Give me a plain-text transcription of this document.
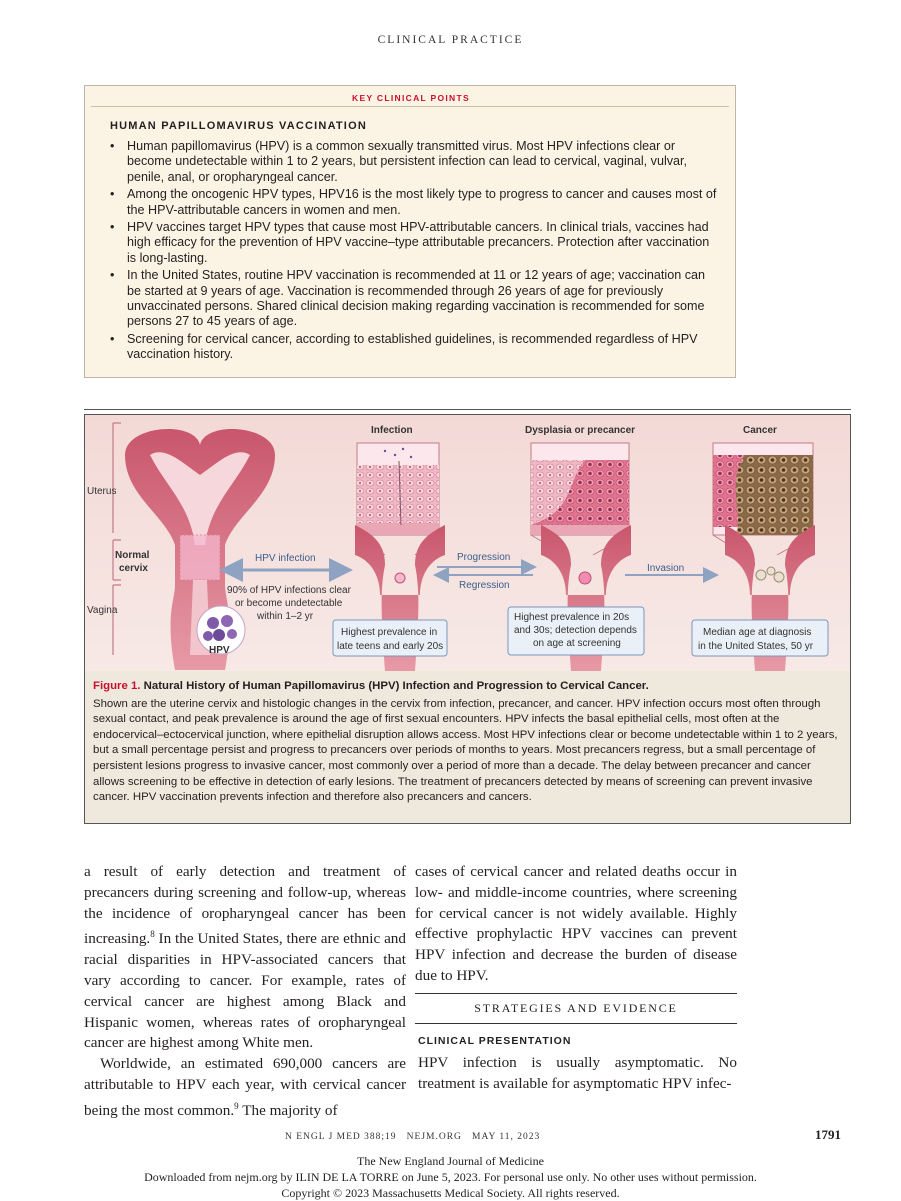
CLINICAL PRACTICE
KEY CLINICAL POINTS
HUMAN PAPILLOMAVIRUS VACCINATION
• Human papillomavirus (HPV) is a common sexually transmitted virus. Most HPV infections clear or become undetectable within 1 to 2 years, but persistent infection can lead to cervical, vaginal, vulvar, penile, anal, or oropharyngeal cancer.
• Among the oncogenic HPV types, HPV16 is the most likely type to progress to cancer and causes most of the HPV-attributable cancers in women and men.
• HPV vaccines target HPV types that cause most HPV-attributable cancers. In clinical trials, vaccines had high efficacy for the prevention of HPV vaccine–type attributable precancers. Protection after vaccination is long-lasting.
• In the United States, routine HPV vaccination is recommended at 11 or 12 years of age; vaccination can be started at 9 years of age. Vaccination is recommended through 26 years of age for previously unvaccinated persons. Shared clinical decision making regarding vaccination is recommended for some persons 27 to 45 years of age.
• Screening for cervical cancer, according to established guidelines, is recommended regardless of HPV vaccination history.
Uterus
Normal
cervix
Vagina
HPV
Infection	Dysplasia or precancer	Cancer
HPV infection	Progression
Regression
Invasion
90% of HPV infections clear
or become undetectable
within 1–2 yr
Highest prevalence in
late teens and early 20s
Highest prevalence in 20s
and 30s; detection depends
on age at screening
Median age at diagnosis
in the United States, 50 yr

Figure 1. Natural History of Human Papillomavirus (HPV) Infection and Progression to Cervical Cancer.

Shown are the uterine cervix and histologic changes in the cervix from infection, precancer, and cancer. HPV infection occurs most often through sexual contact, and peak prevalence is around the age of first sexual encounters. HPV infects the basal epithelial cells, most often at the endocervical–ectocervical junction, where epithelial disruption allows access. Most HPV infections clear or become undetectable within 1 to 2 years, but a small percentage persist and progress to precancers over periods of months to years. Most precancers regress, but a small percentage of persistent lesions progress to invasive cancer, most commonly over a period of more than a decade. The delay between precancer and cancer allows screening to be effective in detection of early lesions. The treatment of precancers detected by means of screening can prevent invasive cancer. HPV vaccination prevents infection and therefore also precancers and cancers.

a result of early detection and treatment of precancers during screening and follow-up, whereas the incidence of oropharyngeal cancer has been increasing.$^8$ In the United States, there are ethnic and racial disparities in HPV-associated cancers that vary according to cancer. For example, rates of cervical cancer are highest among Black and Hispanic women, whereas rates of oropharyngeal cancer are highest among White men.

Worldwide, an estimated 690,000 cancers are attributable to HPV each year, with cervical cancer being the most common.$^9$ The majority of

cases of cervical cancer and related deaths occur in low- and middle-income countries, where screening for cervical cancer is not widely available. Highly effective prophylactic HPV vaccines can prevent HPV infection and decrease the burden of disease due to HPV.

STRATEGIES AND EVIDENCE
CLINICAL PRESENTATION

HPV infection is usually asymptomatic. No treatment is available for asymptomatic HPV infec-

N ENGL J MED 388;19   NEJM.ORG   MAY 11, 2023	1791
The New England Journal of Medicine
Downloaded from nejm.org by ILIN DE LA TORRE on June 5, 2023. For personal use only. No other uses without permission.
Copyright © 2023 Massachusetts Medical Society. All rights reserved.
